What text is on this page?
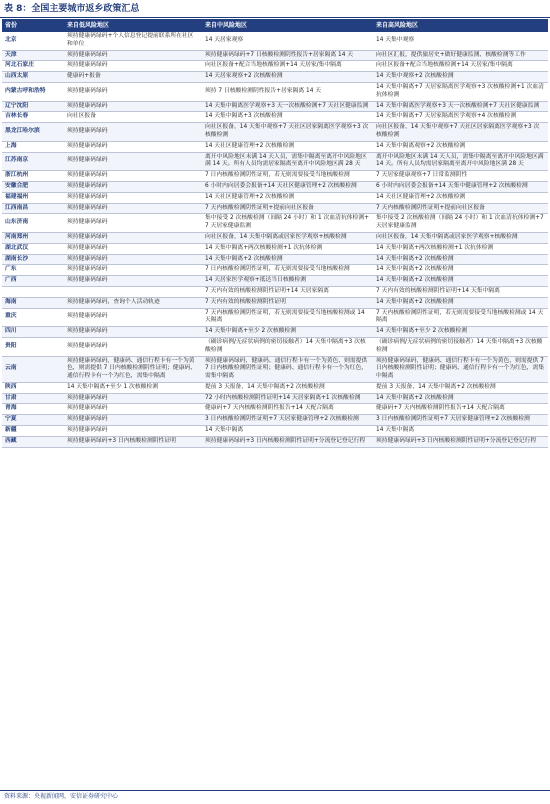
表 8：全国主要城市返乡政策汇总
省份	来自低风险地区	来自中风险地区	来自高风险地区
北京	须持健康码绿码+个人信息登记提前联系所在社区和单位	14 天居家观察	14 天集中观察
天津	须持健康码绿码	须持健康码绿码+7 日核酸检测阴性报告+居家隔离 14 天	向社区汇报，提供旅居史+做好健康监测、核酸检测等工作
河北石家庄	须持健康码绿码	向社区报备+配合当地核酸检测+14 天居家/集中隔离	向社区报备+配合当地核酸检测+14 天居家/集中隔离
山西太原	健康码+报备	14 天居家观察+2 次核酸检测	14 天集中观察+2 次核酸检测
内蒙古呼和浩特	须持健康码绿码	须持 7 日核酸检测阴性报告+居家隔离 14 天	14 天集中隔离+7 天居家隔离医学观察+3 次核酸检测+1 次血清抗体检测
辽宁沈阳	须持健康码绿码	14 天集中隔离医学观察+3 天一次核酸检测+7 天社区健康监测	14 天集中隔离医学观察+3 天一次核酸检测+7 天社区健康监测
吉林长春	向社区报备	14 天集中隔离+3 次核酸检测	14 天集中隔离+7 天居家隔离医学观察+4 次核酸检测
黑龙江哈尔滨	须持健康码绿码	向社区报备，14 天集中观察+7 天社区居家隔离医学观察+3 次核酸检测	向社区报备，14 天集中观察+7 天社区居家隔离医学观察+3 次核酸检测
上海	须持健康码绿码	14 天社区健康管理+2 次核酸检测	14 天集中隔离观察+2 次核酸检测
江苏南京	须持健康码绿码	离开中风险地区未满 14 天人员，需集中隔离至离开中风险地区满 14 天。所有人员均需居家隔离至离开中风险地区满 28 天	离开中风险地区未满 14 天人员，需集中隔离至离开中风险地区满 14 天。所有人员均需居家隔离至离开中风险地区满 28 天
浙江杭州	须持健康码绿码	7 日内核酸检测阴性证明，若无则需要接受当地核酸检测	7 天居家健康观察+7 日常监测阴性
安徽合肥	须持健康码绿码	6 小时内向居委会报备+14 天社区健康管理+2 次核酸检测	6 小时内向居委会报备+14 天集中健康管理+2 次核酸检测
福建福州	须持健康码绿码	14 天社区健康管理+2 次核酸检测	14 天社区健康管理+2 次核酸检测
江西南昌	须持健康码绿码	7 天内核酸检测阴性证明+提前向社区报备	7 天内核酸检测阴性证明+提前向社区报备
山东济南	须持健康码绿码	集中接受 2 次核酸检测（间隔 24 小时）和 1 次血清抗体检测+7 天居家健康监测	集中接受 2 次核酸检测（间隔 24 小时）和 1 次血清抗体检测+7 天居家健康监测
河南郑州	须持健康码绿码	向社区报备，14 天集中隔离或居家医学观察+核酸检测	向社区报备，14 天集中隔离或居家医学观察+核酸检测
湖北武汉	须持健康码绿码	14 天集中隔离+两次核酸检测+1 次抗体检测	14 天集中隔离+两次核酸检测+1 次抗体检测
湖南长沙	须持健康码绿码	14 天集中隔离+2 次核酸检测	14 天集中隔离+2 次核酸检测
广东	须持健康码绿码	7 日内核酸检测阴性证明，若无则需要接受当地核酸检测	14 天集中隔离+2 次核酸检测
广西	须持健康码绿码	14 天居家医学观察+抵达当日核酸检测	14 天集中隔离+2 次核酸检测
		7 天内有效的核酸检测阴性证明+14 天居家隔离	7 天内有效的核酸检测阴性证明+14 天集中隔离
海南	须持健康码绿码，查询个人活动轨迹	7 天内有效的核酸检测阴性证明	14 天集中隔离+2 次核酸检测
重庆	须持健康码绿码	7 天内核酸检测阴性证明，若无则需要接受当地核酸检测或 14 天隔离	7 天内核酸检测阴性证明，若无则需要接受当地核酸检测或 14 天隔离
四川	须持健康码绿码	14 天集中隔离+至少 2 次核酸检测	14 天集中隔离+至少 2 次核酸检测
贵阳	须持健康码绿码	（确诊病例/无症状病例的密切接触者）14 天集中隔离+3 次核酸检测	（确诊病例/无症状病例的密切接触者）14 天集中隔离+3 次核酸检测
云南	须持健康码绿码，健康码、通信行程卡有一个为黄色，则需提供 7 日内核酸检测阴性证明；健康码、通信行程卡有一个为红色，需集中隔离	须持健康码绿码，健康码、通信行程卡有一个为黄色，则需提供 7 日内核酸检测阴性证明；健康码、通信行程卡有一个为红色，需集中隔离	须持健康码绿码，健康码、通信行程卡有一个为黄色，则需提供 7 日内核酸检测阴性证明；健康码、通信行程卡有一个为红色，需集中隔离
陕西	14 天集中隔离+至少 1 次核酸检测	提前 3 天报备，14 天集中隔离+2 次核酸检测	提前 3 天报备，14 天集中隔离+2 次核酸检测
甘肃	须持健康码绿码	72 小时内核酸检测阴性证明+14 天居家隔离+1 次核酸检测	14 天集中隔离+2 次核酸检测
青海	须持健康码绿码	健康码+7 天内核酸检测阴性报告+14 天配合隔离	健康码+7 天内核酸检测阴性报告+14 天配合隔离
宁夏	须持健康码绿码	3 日内核酸检测阴性证明+7 天居家健康管理+2 次核酸检测	3 日内核酸检测阴性证明+7 天居家健康管理+2 次核酸检测
新疆	须持健康码绿码	14 天集中隔离	14 天集中隔离
西藏	须持健康码绿码+3 日内核酸检测阴性证明	须持健康码绿码+3 日内核酸检测阴性证明+分流登记登记行程	须持健康码绿码+3 日内核酸检测阴性证明+分流登记登记行程
资料来源：央视新闻网，安信证券研究中心
